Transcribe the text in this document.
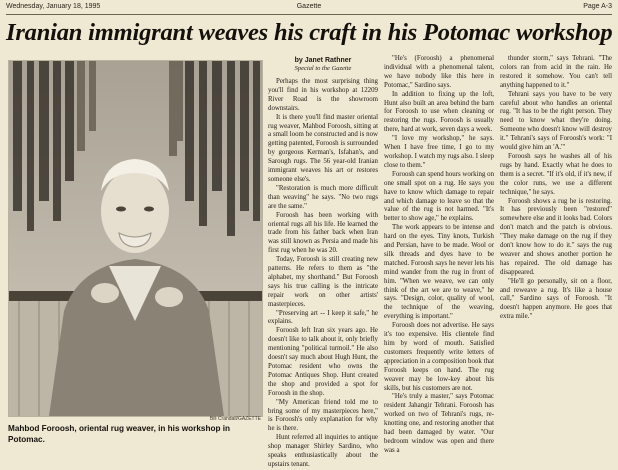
Wednesday, January 18, 1995	Gazette	Page A-3
Iranian immigrant weaves his craft in his Potomac workshop
Bill Crandall/GAZETTE
Mahbod Foroosh, oriental rug weaver, in his workshop in Potomac.
by Janet Rathner
Special to the Gazette

Perhaps the most surprising thing you'll find in his workshop at 12209 River Road is the showroom downstairs.

It is there you'll find master oriental rug weaver, Mahbod Foroosh, sitting at a small loom he constructed and is now getting patented, Foroosh is surrounded by gorgeous Kerman's, Isfahan's, and Sarough rugs. The 56 year-old Iranian immigrant weaves his art or restores someone else's.

"Restoration is much more difficult than weaving" he says. "No two rugs are the same."

Foroosh has been working with oriental rugs all his life. He learned the trade from his father back when Iran was still known as Persia and made his first rug when he was 20.

Today, Foroosh is still creating new patterns. He refers to them as "the alphabet, my shorthand." But Foroosh says his true calling is the intricate repair work on other artists' masterpieces.

"Preserving art -- I keep it safe," he explains.

Foroosh left Iran six years ago. He doesn't like to talk about it, only briefly mentioning "political turmoil." He also doesn't say much about Hugh Hunt, the Potomac resident who owns the Potomac Antiques Shop. Hunt created the shop and provided a spot for Foroosh in the shop.

"My American friend told me to bring some of my masterpieces here," is Foroosh's only explanation for why he is there.

Hunt referred all inquiries to antique shop manager Shirley Sardino, who speaks enthusiastically about the upstairs tenant.

"He's (Foroosh) a phenomenal individual with a phenomenal talent, we have nobody like this here in Potomac," Sardino says.

In addition to fixing up the loft, Hunt also built an area behind the barn for Foroosh to use when cleaning or restoring the rugs. Foroosh is usually there, hard at work, seven days a week.

"I love my workshop," he says. When I have free time, I go to my workshop. I watch my rugs also. I sleep close to them."

Foroosh can spend hours working on one small spot on a rug. He says you have to know which damage to repair and which damage to leave so that the value of the rug is not harmed. "It's better to show age," he explains.

The work appears to be intense and hard on the eyes. Tiny knots, Turkish and Persian, have to be made. Wool or silk threads and dyes have to be matched. Foroosh says he never lets his mind wander from the rug in front of him. "When we weave, we can only think of the art we are to weave," he says. "Design, color, quality of wool, the technique of the weaving, everything is important."

Foroosh does not advertise. He says it's too expensive. His clientele find him by word of mouth. Satisfied customers frequently write letters of appreciation in a composition book that Foroosh keeps on hand. The rug weaver may be low-key about his skills, but his customers are not.

"He's truly a master," says Potomac resident Jahangir Tehrani. Foroosh has worked on two of Tehrani's rugs, re-knotting one, and restoring another that had been damaged by water. "Our bedroom window was open and there was a

thunder storm," says Tehrani. "The colors ran from acid in the rain. He restored it somehow. You can't tell anything happened to it."

Tehrani says you have to be very careful about who handles an oriental rug. "It has to be the right person. They need to know what they're doing. Someone who doesn't know will destroy it." Tehrani's says of Foroosh's work: "I would give him an 'A.'"

Foroosh says he washes all of his rugs by hand. Exactly what he does to them is a secret. "If it's old, if it's new, if the color runs, we use a different technique," he says.

Foroosh shows a rug he is restoring. It has previously been "restored" somewhere else and it looks bad. Colors don't match and the patch is obvious. "They make damage on the rug if they don't know how to do it." says the rug weaver and shows another portion he has repaired. The old damage has disappeared.

"He'll go personally, sit on a floor, and reweave a rug. It's like a house call," Sardino says of Foroosh. "It doesn't happen anymore. He goes that extra mile."
